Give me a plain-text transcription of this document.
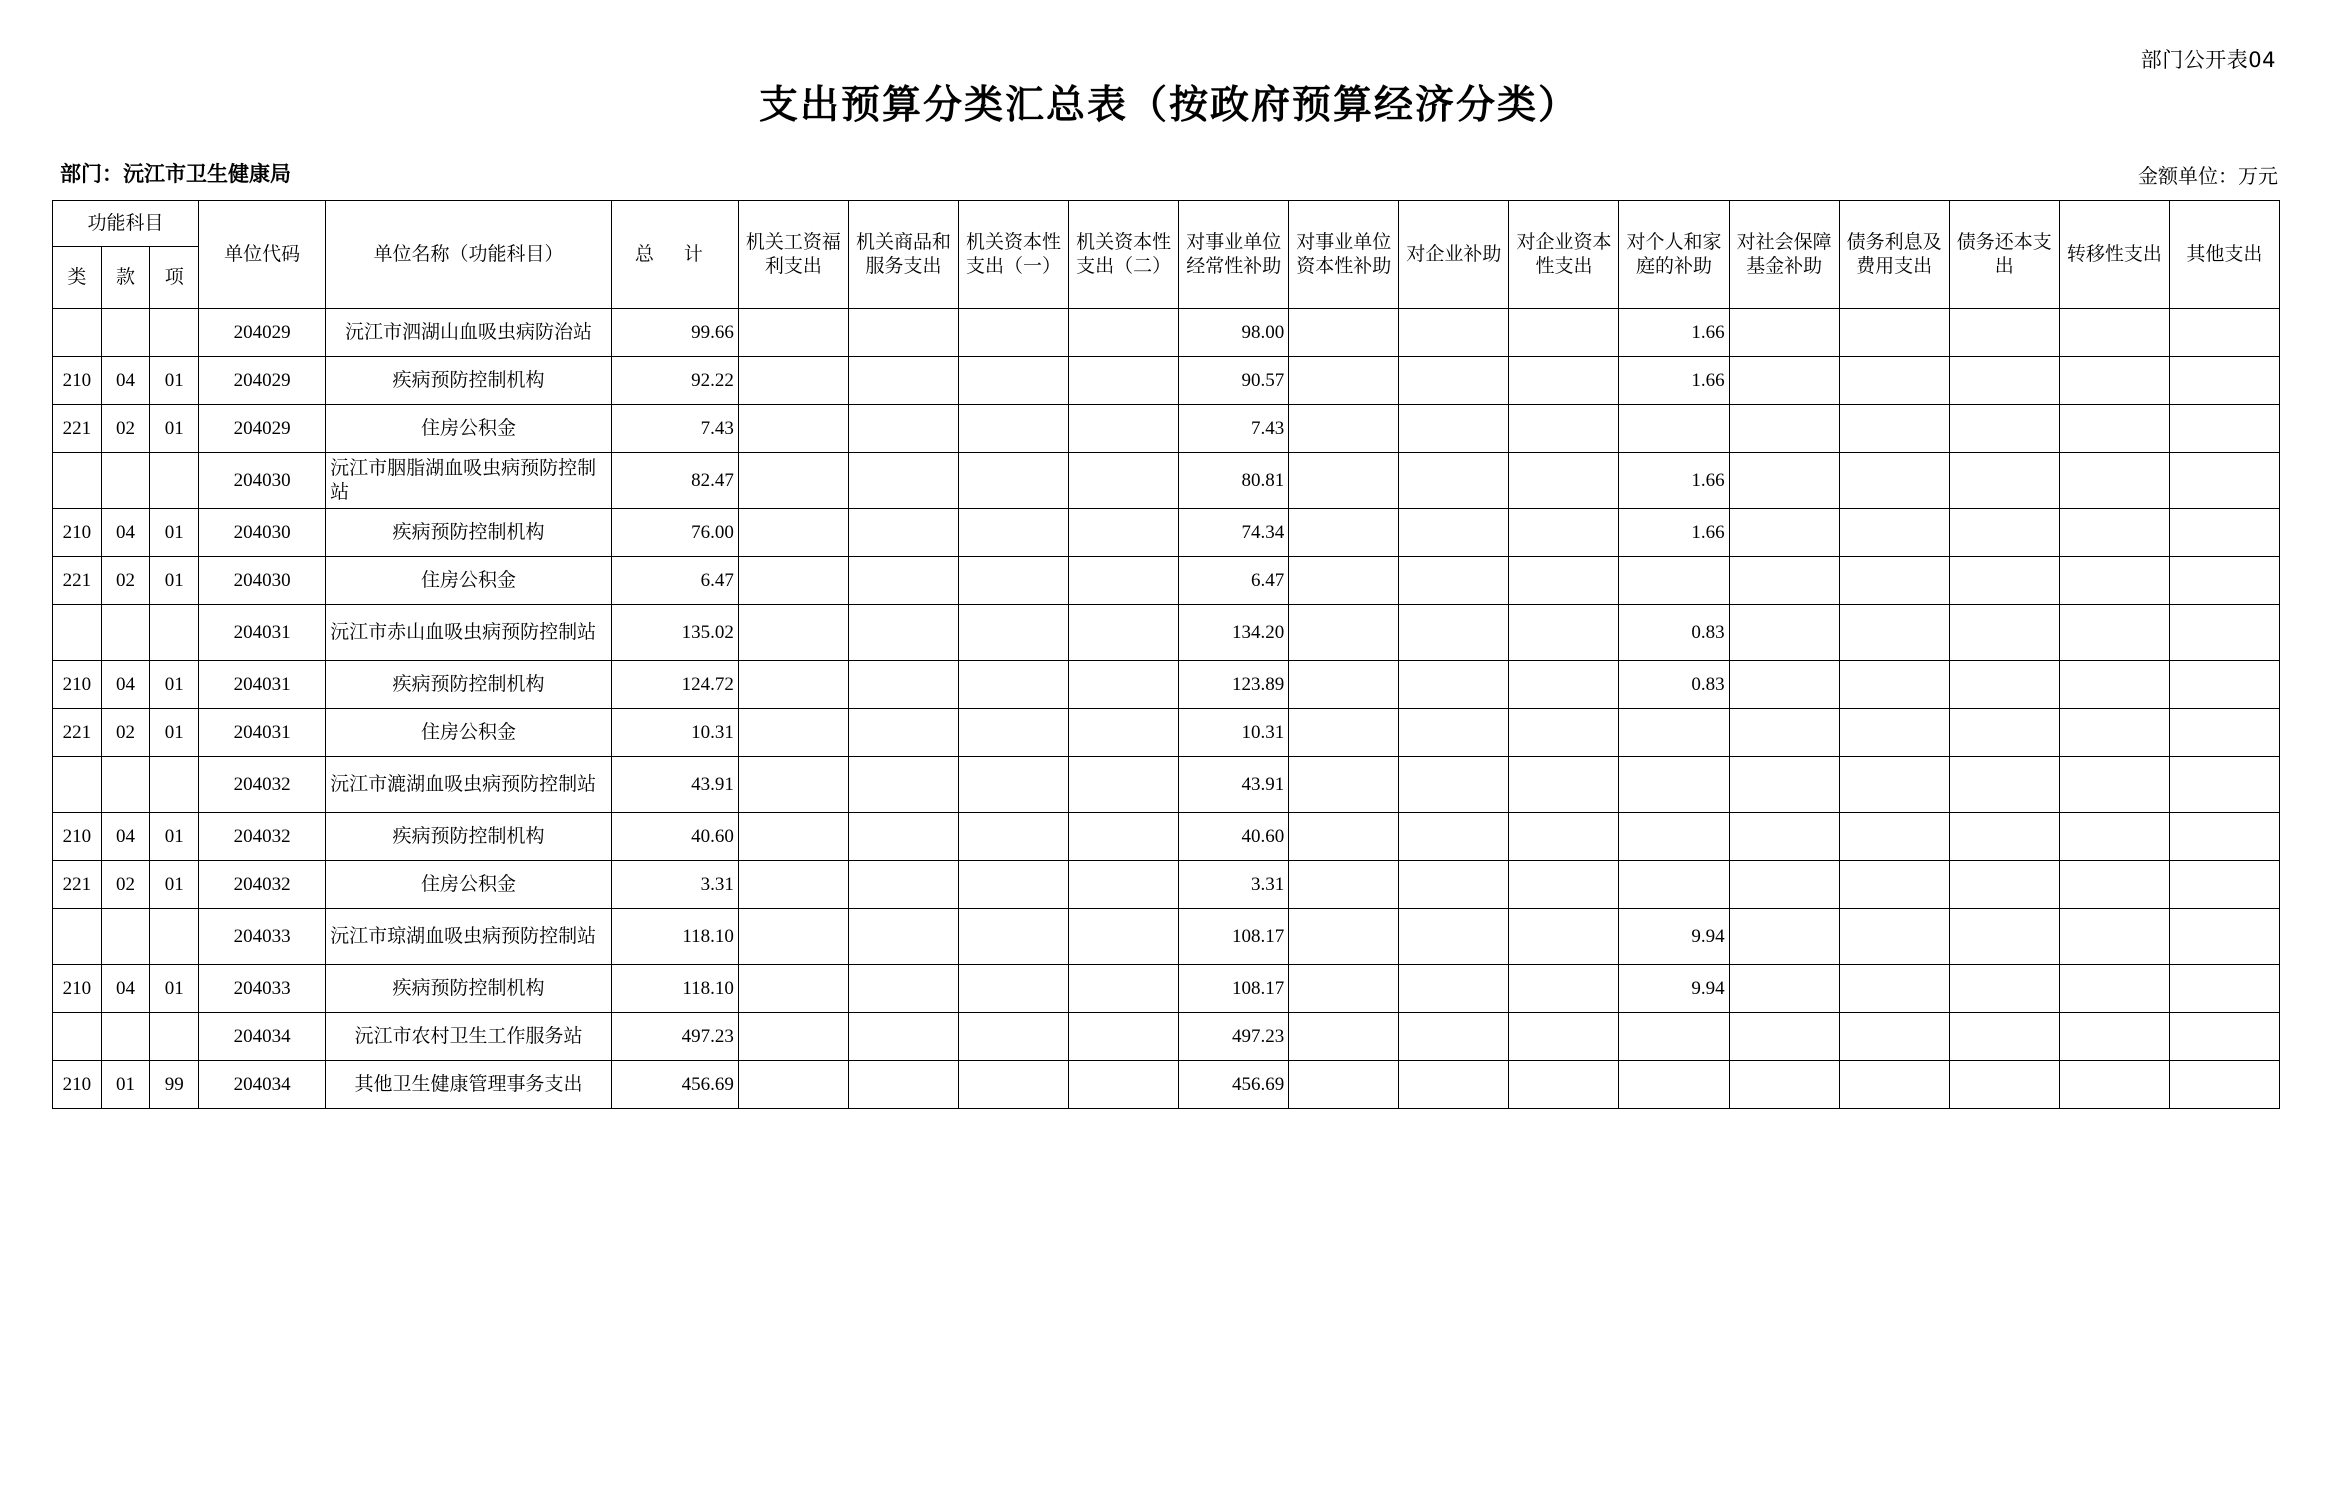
部门公开表04
支出预算分类汇总表（按政府预算经济分类）
部门：沅江市卫生健康局	金额单位：万元
功能科目			单位代码	单位名称（功能科目）	总 计	机关工资福利支出	机关商品和服务支出	机关资本性支出（一）	机关资本性支出（二）	对事业单位经常性补助	对事业单位资本性补助	对企业补助	对企业资本性支出	对个人和家庭的补助	对社会保障基金补助	债务利息及费用支出	债务还本支出	转移性支出	其他支出
类	款	项																	
			204029	沅江市泗湖山血吸虫病防治站	99.66					98.00				1.66					
210	04	01	204029	疾病预防控制机构	92.22					90.57				1.66					
221	02	01	204029	住房公积金	7.43					7.43									
			204030	沅江市胭脂湖血吸虫病预防控制站	82.47					80.81				1.66					
210	04	01	204030	疾病预防控制机构	76.00					74.34				1.66					
221	02	01	204030	住房公积金	6.47					6.47									
			204031	沅江市赤山血吸虫病预防控制站	135.02					134.20				0.83					
210	04	01	204031	疾病预防控制机构	124.72					123.89				0.83					
221	02	01	204031	住房公积金	10.31					10.31									
			204032	沅江市漉湖血吸虫病预防控制站	43.91					43.91									
210	04	01	204032	疾病预防控制机构	40.60					40.60									
221	02	01	204032	住房公积金	3.31					3.31									
			204033	沅江市琼湖血吸虫病预防控制站	118.10					108.17				9.94					
210	04	01	204033	疾病预防控制机构	118.10					108.17				9.94					
			204034	沅江市农村卫生工作服务站	497.23					497.23									
210	01	99	204034	其他卫生健康管理事务支出	456.69					456.69									
